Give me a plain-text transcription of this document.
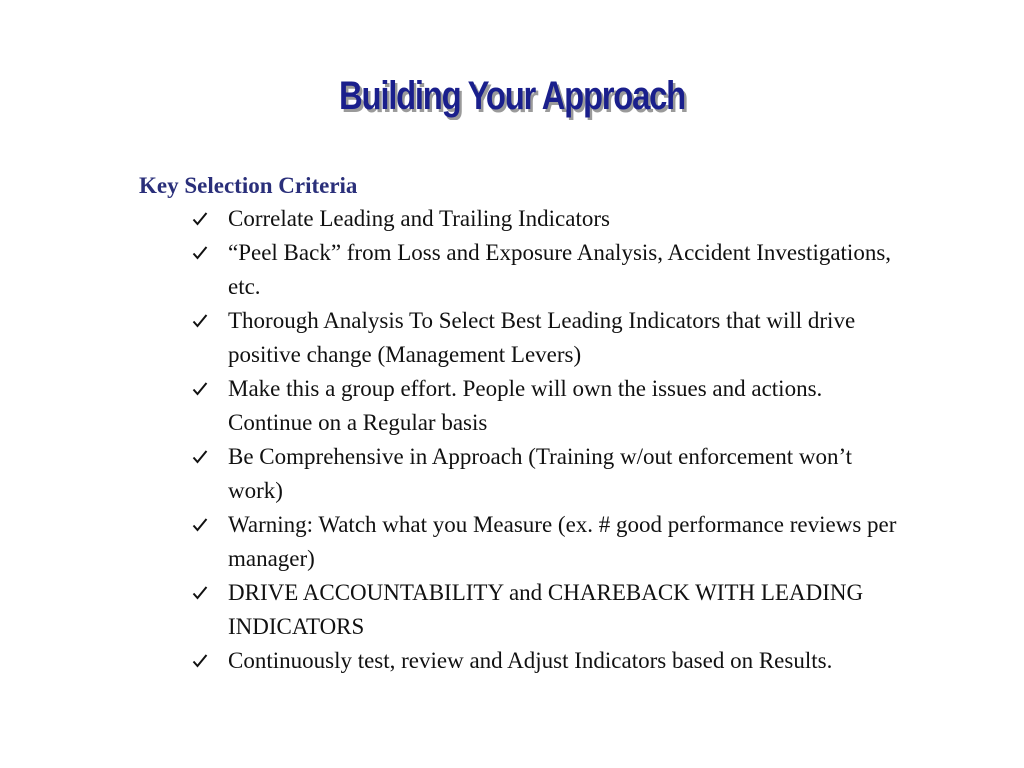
Building Your Approach
Key Selection Criteria
Correlate Leading and Trailing Indicators
“Peel Back” from Loss and Exposure Analysis, Accident Investigations, etc.
Thorough Analysis To Select Best Leading Indicators that will drive positive change (Management Levers)
Make this a group effort. People will own the issues and actions. Continue on a Regular basis
Be Comprehensive in Approach (Training w/out enforcement won’t work)
Warning: Watch what you Measure (ex. # good performance reviews per manager)
DRIVE ACCOUNTABILITY and CHAREBACK WITH LEADING INDICATORS
Continuously test, review and Adjust Indicators based on Results.
